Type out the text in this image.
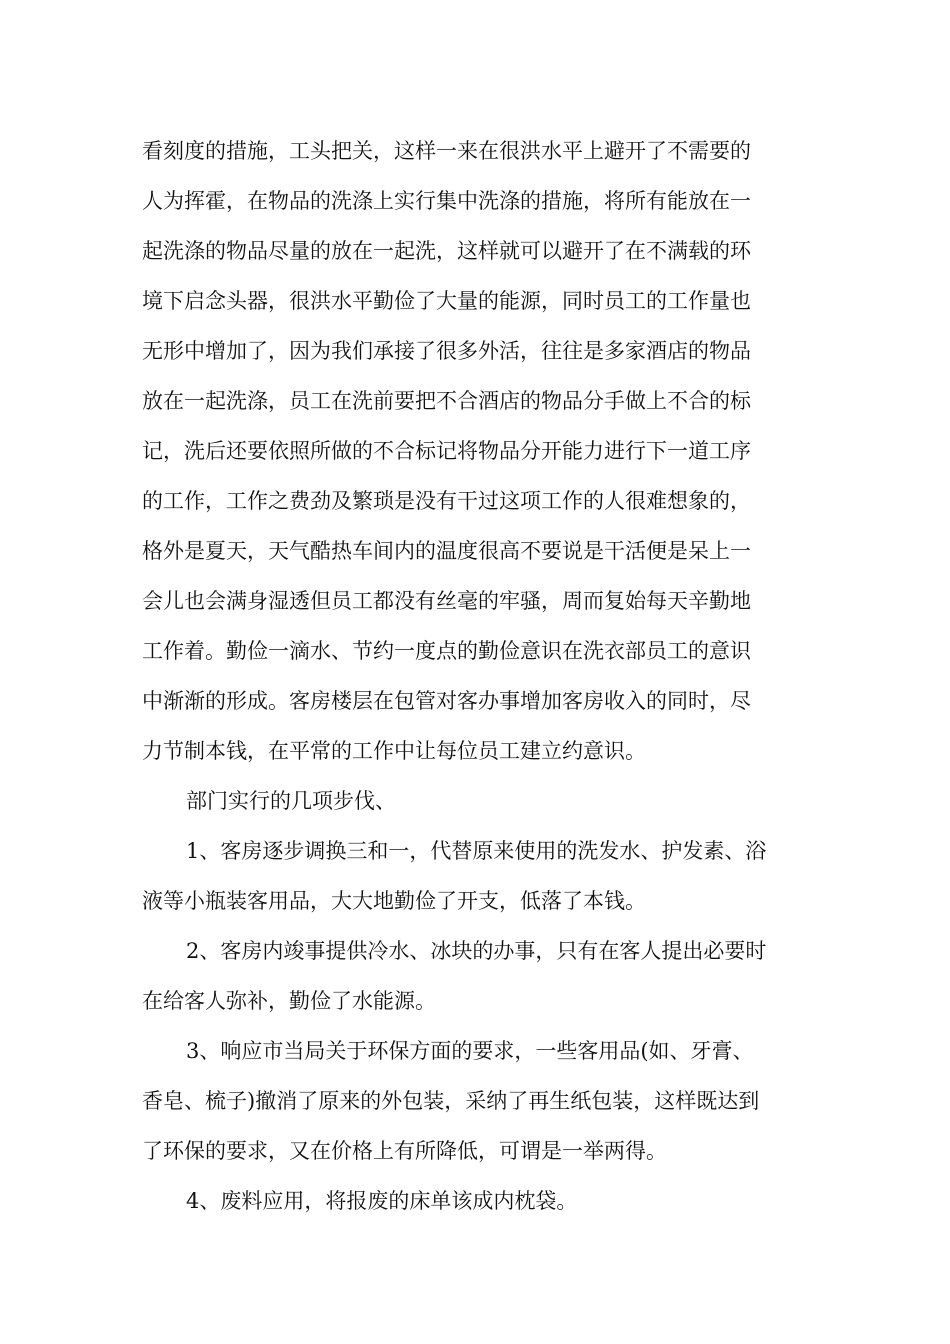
看刻度的措施，工头把关，这样一来在很洪水平上避开了不需要的
人为挥霍，在物品的洗涤上实行集中洗涤的措施，将所有能放在一
起洗涤的物品尽量的放在一起洗，这样就可以避开了在不满载的环
境下启念头器，很洪水平勤俭了大量的能源，同时员工的工作量也
无形中增加了，因为我们承接了很多外活，往往是多家酒店的物品
放在一起洗涤，员工在洗前要把不合酒店的物品分手做上不合的标
记，洗后还要依照所做的不合标记将物品分开能力进行下一道工序
的工作，工作之费劲及繁琐是没有干过这项工作的人很难想象的，
格外是夏天，天气酷热车间内的温度很高不要说是干活便是呆上一
会儿也会满身湿透但员工都没有丝毫的牢骚，周而复始每天辛勤地
工作着。勤俭一滴水、节约一度点的勤俭意识在洗衣部员工的意识
中渐渐的形成。客房楼层在包管对客办事增加客房收入的同时，尽
力节制本钱，在平常的工作中让每位员工建立约意识。
部门实行的几项步伐、
1、客房逐步调换三和一，代替原来使用的洗发水、护发素、浴
液等小瓶装客用品，大大地勤俭了开支，低落了本钱。
2、客房内竣事提供冷水、冰块的办事，只有在客人提出必要时
在给客人弥补，勤俭了水能源。
3、响应市当局关于环保方面的要求，一些客用品(如、牙膏、
香皂、梳子)撤消了原来的外包装，采纳了再生纸包装，这样既达到
了环保的要求，又在价格上有所降低，可谓是一举两得。
4、废料应用，将报废的床单该成内枕袋。
